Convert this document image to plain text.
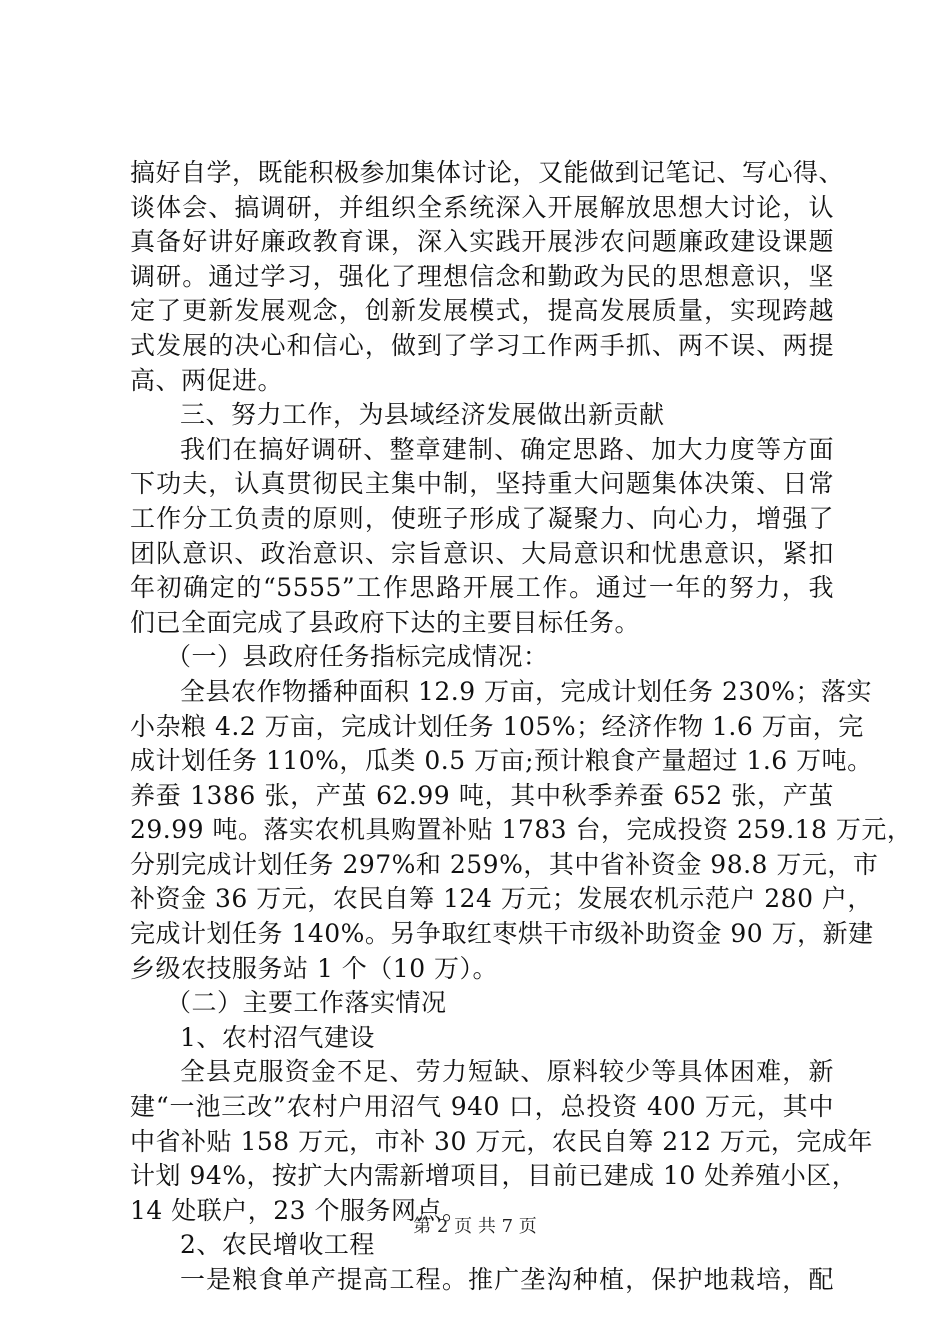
搞好自学，既能积极参加集体讨论，又能做到记笔记、写心得、
谈体会、搞调研，并组织全系统深入开展解放思想大讨论，认
真备好讲好廉政教育课，深入实践开展涉农问题廉政建设课题
调研。通过学习，强化了理想信念和勤政为民的思想意识，坚
定了更新发展观念，创新发展模式，提高发展质量，实现跨越
式发展的决心和信心，做到了学习工作两手抓、两不误、两提
高、两促进。
三、努力工作，为县域经济发展做出新贡献
我们在搞好调研、整章建制、确定思路、加大力度等方面
下功夫，认真贯彻民主集中制，坚持重大问题集体决策、日常
工作分工负责的原则，使班子形成了凝聚力、向心力，增强了
团队意识、政治意识、宗旨意识、大局意识和忧患意识，紧扣
年初确定的“5555”工作思路开展工作。通过一年的努力，我
们已全面完成了县政府下达的主要目标任务。
（一）县政府任务指标完成情况：
全县农作物播种面积 12.9 万亩，完成计划任务 230%；落实
小杂粮 4.2 万亩，完成计划任务 105%；经济作物 1.6 万亩，完
成计划任务 110%，瓜类 0.5 万亩;预计粮食产量超过 1.6 万吨。
养蚕 1386 张，产茧 62.99 吨，其中秋季养蚕 652 张，产茧
29.99 吨。落实农机具购置补贴 1783 台，完成投资 259.18 万元，
分别完成计划任务 297%和 259%，其中省补资金 98.8 万元，市
补资金 36 万元，农民自筹 124 万元；发展农机示范户 280 户，
完成计划任务 140%。另争取红枣烘干市级补助资金 90 万，新建
乡级农技服务站 1 个（10 万）。
（二）主要工作落实情况
1、农村沼气建设
全县克服资金不足、劳力短缺、原料较少等具体困难，新
建“一池三改”农村户用沼气 940 口，总投资 400 万元，其中
中省补贴 158 万元，市补 30 万元，农民自筹 212 万元，完成年
计划 94%，按扩大内需新增项目，目前已建成 10 处养殖小区，
14 处联户，23 个服务网点。
2、农民增收工程
一是粮食单产提高工程。推广垄沟种植，保护地栽培，配
第 2 页 共 7 页
